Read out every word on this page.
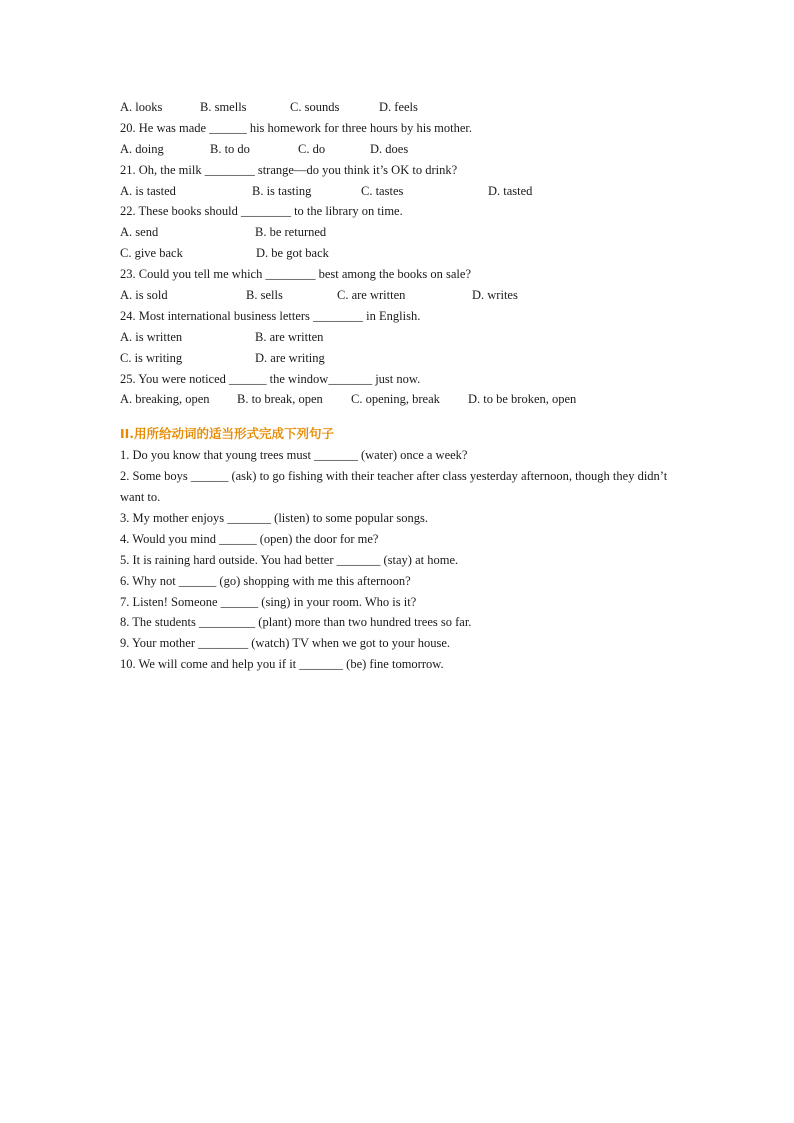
A. looks	B. smells	C. sounds	D. feels
20. He was made ______ his homework for three hours by his mother.
A. doing	B. to do	C. do	D. does
21. Oh, the milk ________ strange—do you think it’s OK to drink?
A. is tasted	B. is tasting	C. tastes	D. tasted
22. These books should ________ to the library on time.
A. send	B. be returned
C. give back	D. be got back
23. Could you tell me which ________ best among the books on sale?
A. is sold	B. sells	C. are written	D. writes
24. Most international business letters ________ in English.
A. is written	B. are written
C. is writing	D. are writing
25. You were noticed ______ the window_______ just now.
A. breaking, open B. to break, open C. opening, break D. to be broken, open
II.用所给动词的适当形式完成下列句子
1. Do you know that young trees must _______ (water) once a week?
2. Some boys ______ (ask) to go fishing with their teacher after class yesterday afternoon, though they didn’t want to.
3. My mother enjoys _______ (listen) to some popular songs.
4. Would you mind ______ (open) the door for me?
5. It is raining hard outside. You had better _______ (stay) at home.
6. Why not ______ (go) shopping with me this afternoon?
7. Listen! Someone ______ (sing) in your room. Who is it?
8. The students _________ (plant) more than two hundred trees so far.
9. Your mother ________ (watch) TV when we got to your house.
10. We will come and help you if it _______ (be) fine tomorrow.
